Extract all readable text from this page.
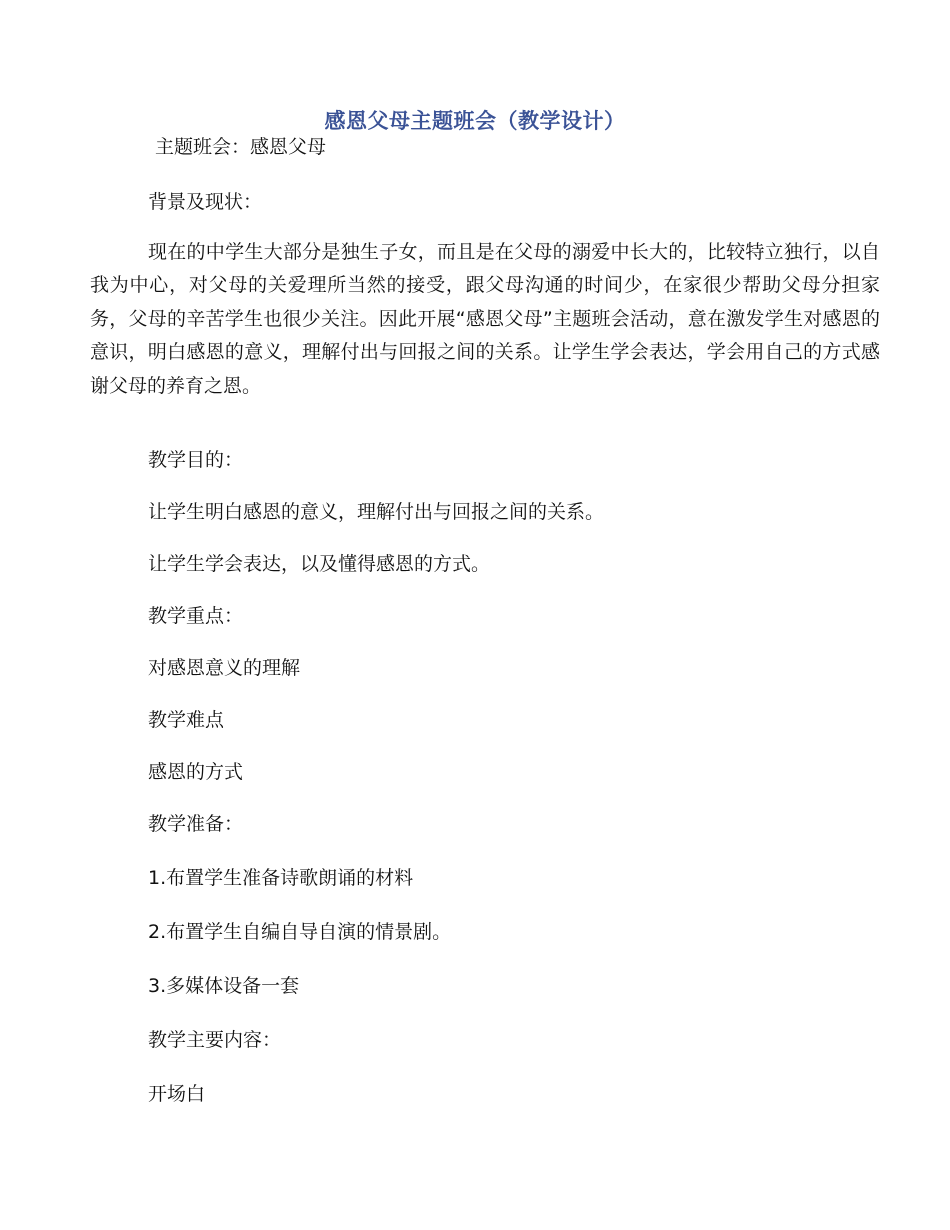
感恩父母主题班会（教学设计）
主题班会：感恩父母
背景及现状：
现在的中学生大部分是独生子女，而且是在父母的溺爱中长大的，比较特立独行，以自我为中心，对父母的关爱理所当然的接受，跟父母沟通的时间少，在家很少帮助父母分担家务，父母的辛苦学生也很少关注。因此开展“感恩父母”主题班会活动，意在激发学生对感恩的意识，明白感恩的意义，理解付出与回报之间的关系。让学生学会表达，学会用自己的方式感谢父母的养育之恩。
教学目的：
让学生明白感恩的意义，理解付出与回报之间的关系。
让学生学会表达，以及懂得感恩的方式。
教学重点：
对感恩意义的理解
教学难点
感恩的方式
教学准备：
1.布置学生准备诗歌朗诵的材料
2.布置学生自编自导自演的情景剧。
3.多媒体设备一套
教学主要内容：
开场白
